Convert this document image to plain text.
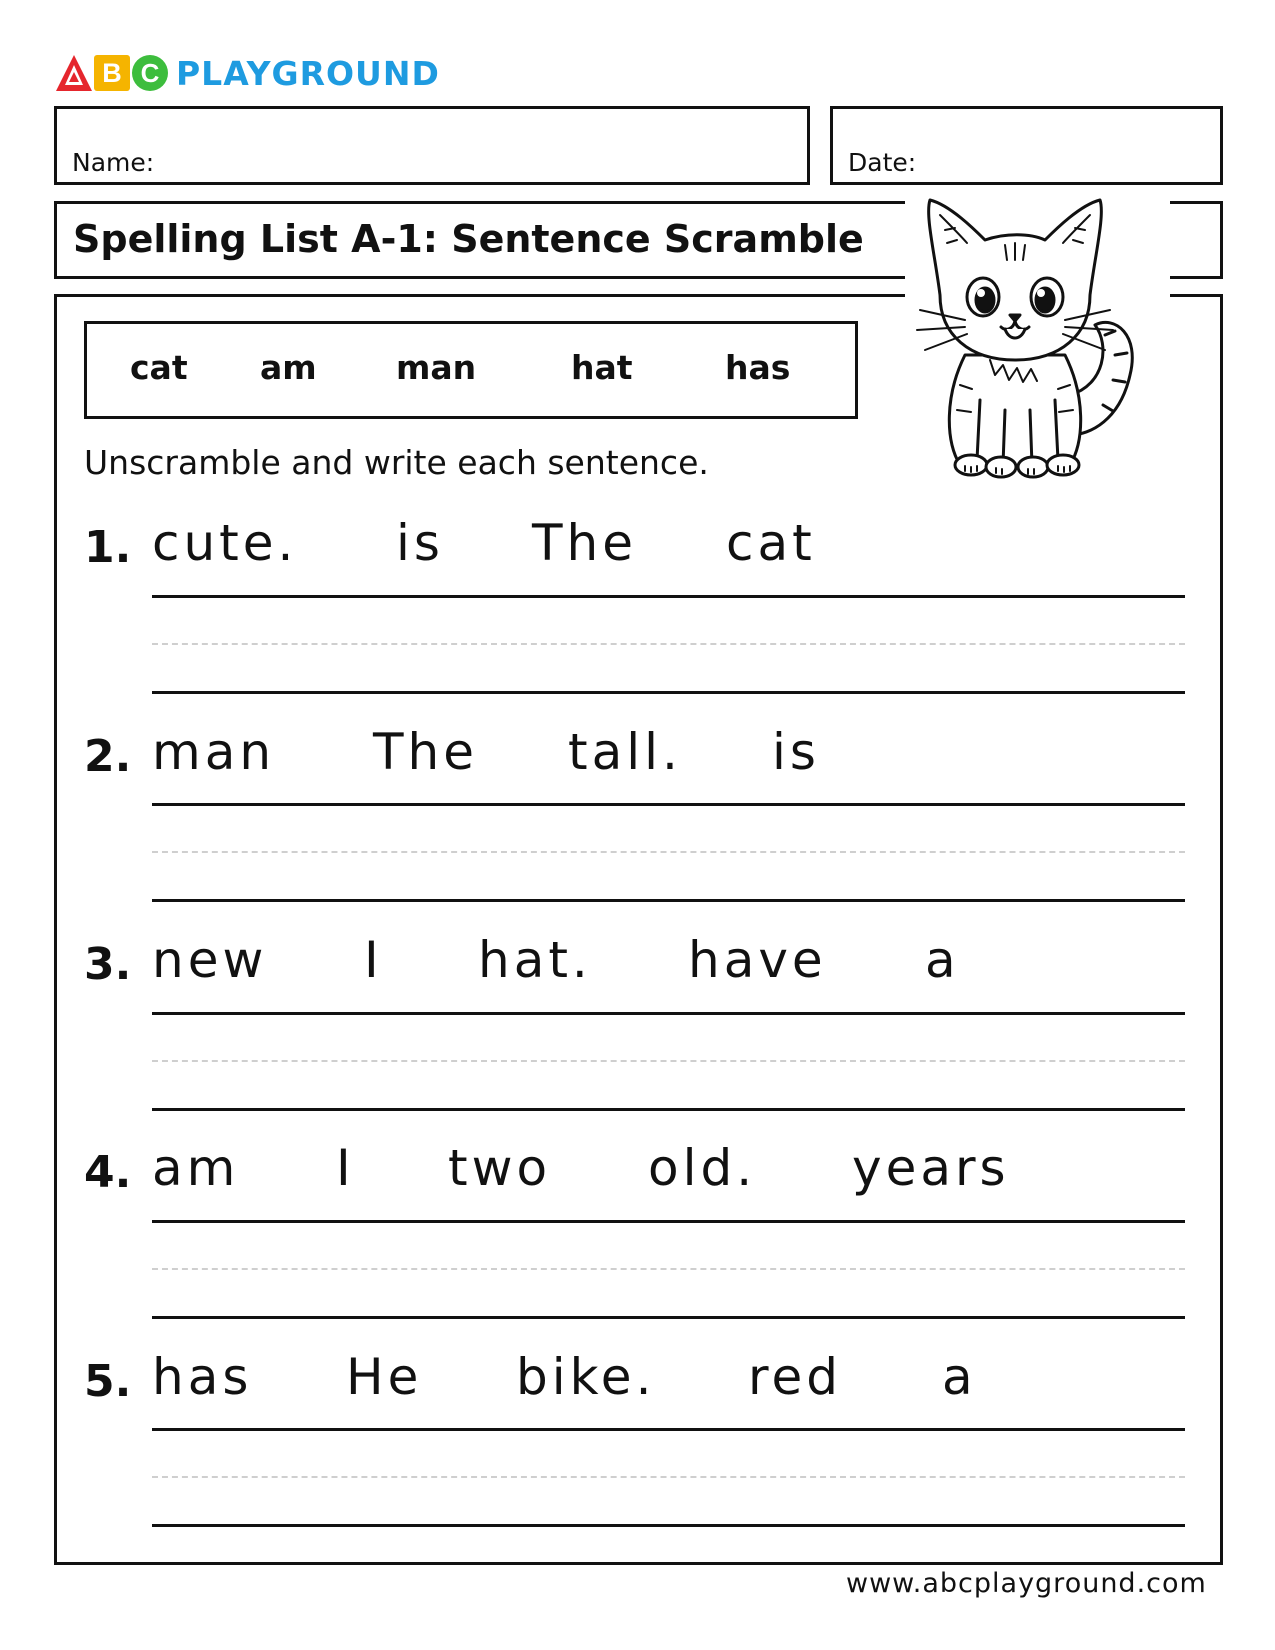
B C PLAYGROUND
Name:	Date:
Spelling List A-1: Sentence Scramble
cat am man	hat	has
Unscramble and write each sentence.
1. cute. is The cat
2. man The tall. is
3. new I hat. have a
4. am I two old. years
5. has He bike. red a
www.abcplayground.com
